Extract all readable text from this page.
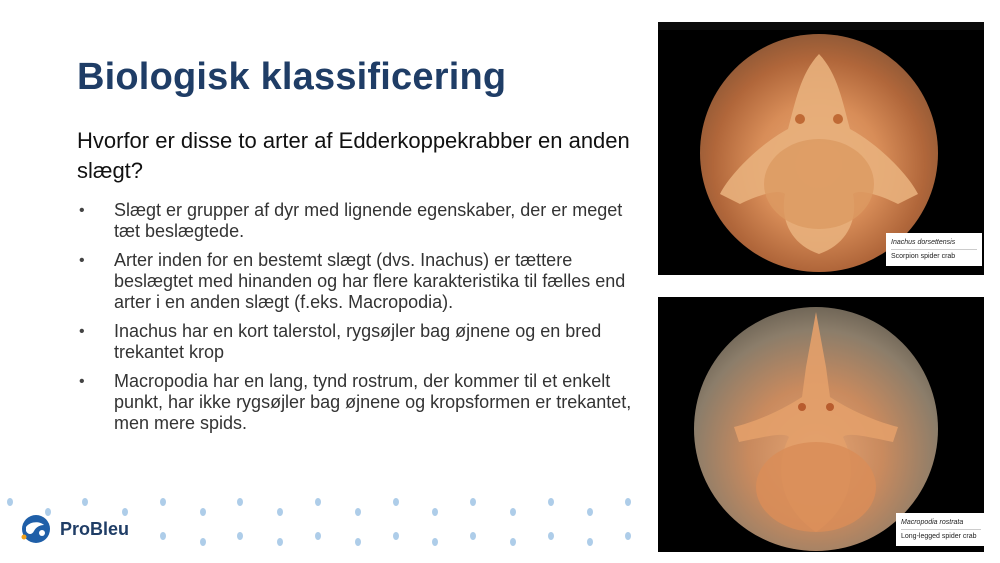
Biologisk klassificering

Hvorfor er disse to arter af Edderkoppekrabber en anden slægt?

• Slægt er grupper af dyr med lignende egenskaber, der er meget tæt beslægtede.
• Arter inden for en bestemt slægt (dvs. Inachus) er tættere beslægtet med hinanden og har flere karakteristika til fælles end arter i en anden slægt (f.eks. Macropodia).
• Inachus har en kort talerstol, rygsøjler bag øjnene og en bred trekantet krop
• Macropodia har en lang, tynd rostrum, der kommer til et enkelt punkt, har ikke rygsøjler bag øjnene og kropsformen er trekantet, men mere spids.
Inachus dorsettensis
Scorpion spider crab
Macropodia rostrata
Long-legged spider crab
ProBleu
